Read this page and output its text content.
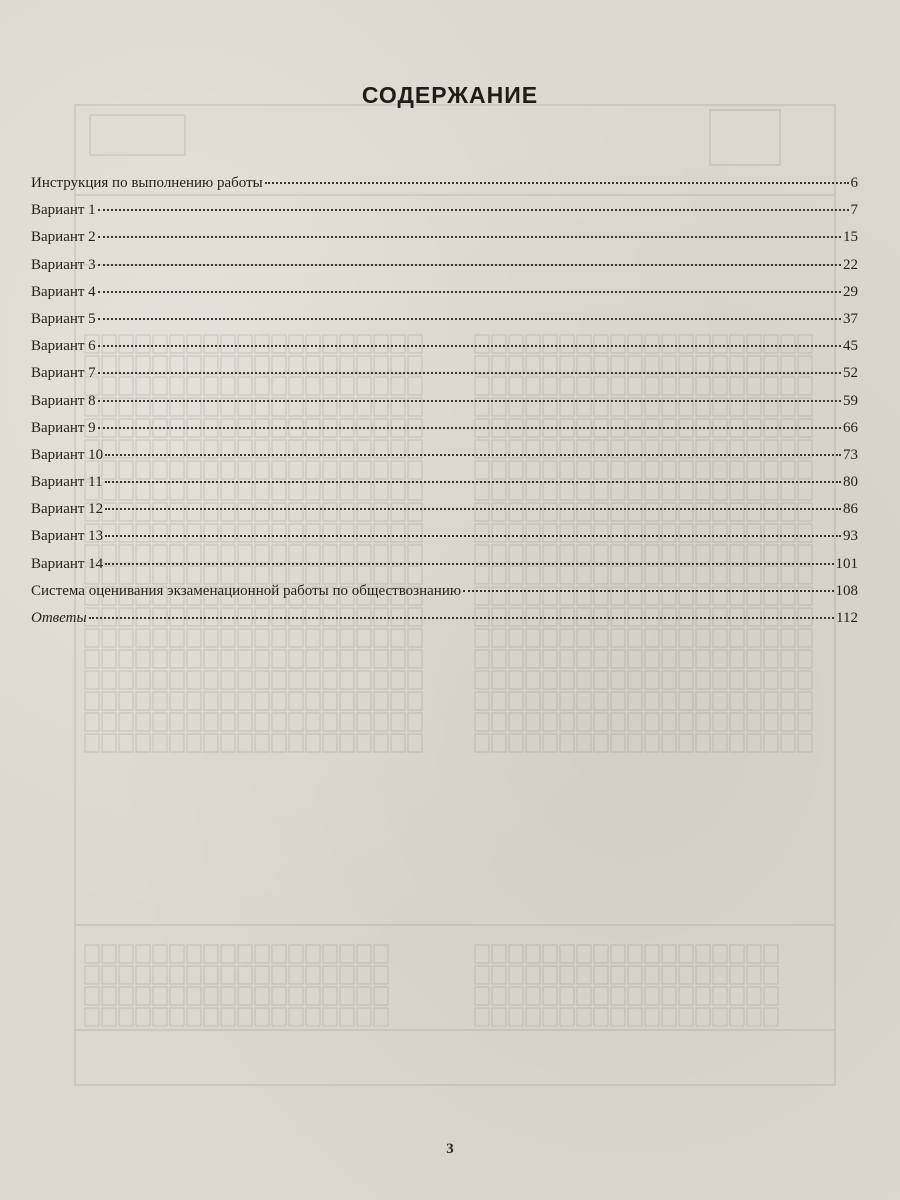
СОДЕРЖАНИЕ
Инструкция по выполнению работы	6
Вариант 1	7
Вариант 2	15
Вариант 3	22
Вариант 4	29
Вариант 5	37
Вариант 6	45
Вариант 7	52
Вариант 8	59
Вариант 9	66
Вариант 10	73
Вариант 11	80
Вариант 12	86
Вариант 13	93
Вариант 14	101
Система оценивания экзаменационной работы по обществознанию	108
Ответы	112
3
